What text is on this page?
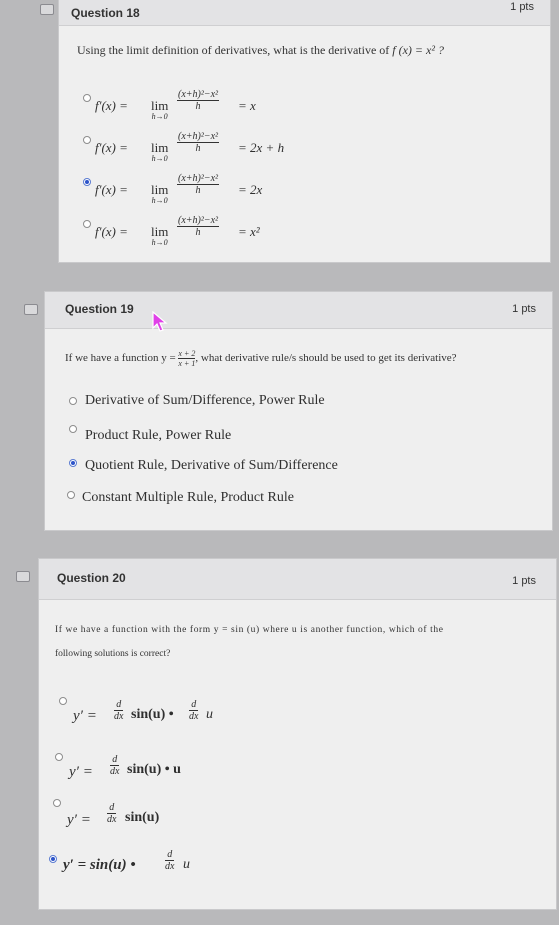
Question 18	1 pts
Using the limit definition of derivatives, what is the derivative of f (x) = x² ?
f′(x) = lim
h→0
$\frac{\text{(x+h)²−x²}}{h} = x$
f′(x) = lim
h→0
$\frac{\text{(x+h)²−x²}}{h} = 2x + h$
f′(x) = lim
h→0
$\frac{\text{(x+h)²−x²}}{h} = 2x$
f′(x) = lim
h→0
$\frac{\text{(x+h)²−x²}}{h} = x^2$
Question 19	1 pts
If we have a function $y = \frac{x + 2}{x + 1}$ , what derivative rule/s should be used to get its derivative?
Derivative of Sum/Difference, Power Rule
Product Rule, Power Rule
Quotient Rule, Derivative of Sum/Difference
Constant Multiple Rule, Product Rule
Question 20	1 pts
If we have a function with the form y = sin (u) where u is another function, which of the
following solutions is correct?
$y' = \frac{d}{dx} \sin(u)$ • $\frac{d}{dx}$ u
$y' = \frac{d}{dx} \sin(u)$ • u
$y' = \frac{d}{dx} \sin(u)$
y′ = sin(u) •	$\frac{d}{dx}$ u
